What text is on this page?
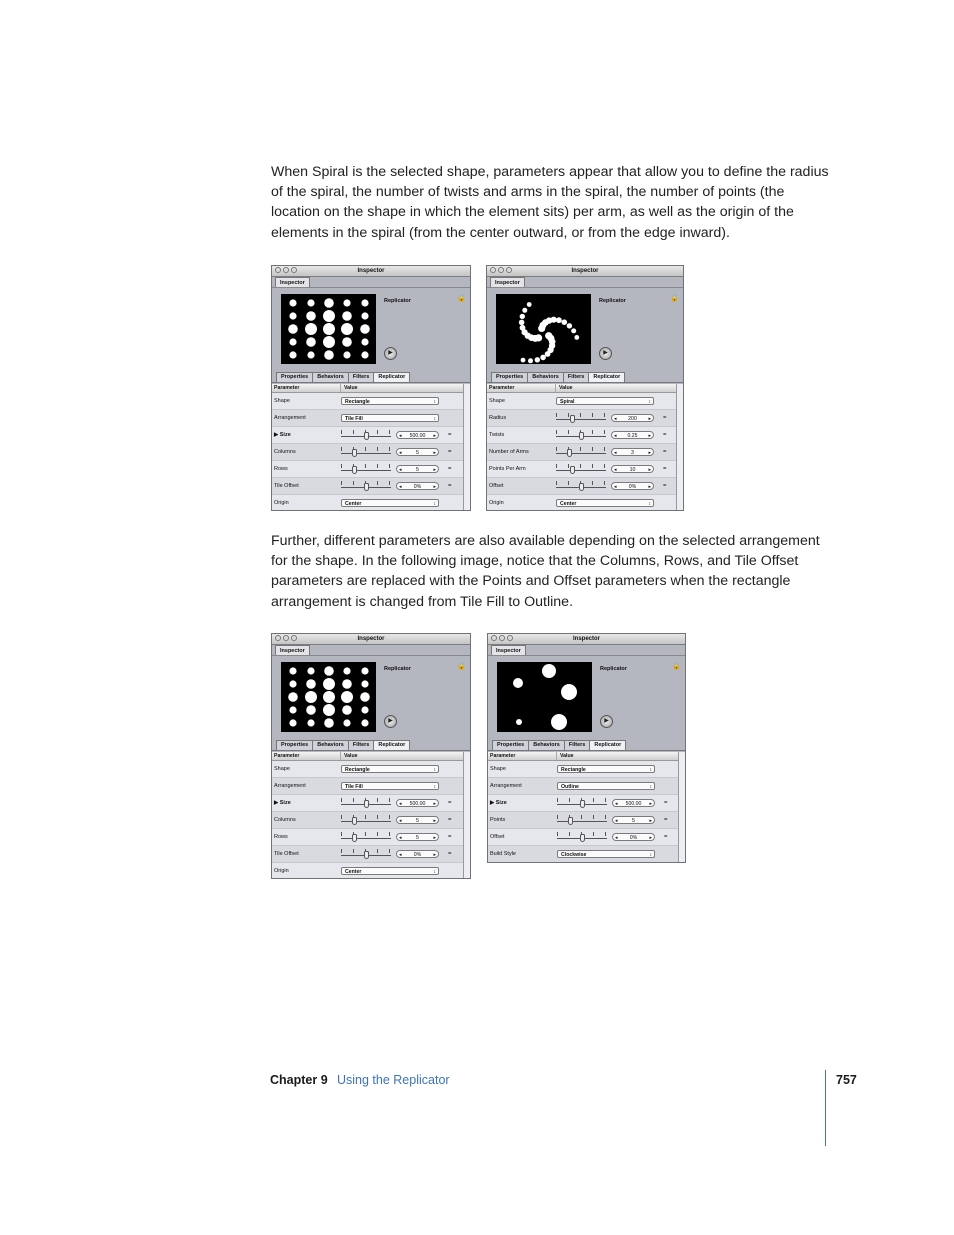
When Spiral is the selected shape, parameters appear that allow you to define the radius of the spiral, the number of twists and arms in the spiral, the number of points (the location on the shape in which the element sits) per arm, as well as the origin of the elements in the spiral (from the center outward, or from the edge inward).

Inspector
Inspector
Replicator	🔒
▶
Properties	Behaviors	Filters	Replicator
Parameter	Value
Shape	Rectangle ↕
Arrangement	Tile Fill ↕
▶ Size	◂ 500.00 ▸	=
Columns	◂ 5 ▸	=
Rows	◂ 5 ▸	=
Tile Offset	◂ 0% ▸	=
Origin	Center ↕
Inspector
Inspector
Replicator	🔒
▶
Properties	Behaviors	Filters	Replicator
Parameter	Value
Shape	Spiral ↕
Radius	◂ 200 ▸	=
Twists	◂ 0.25 ▸	=
Number of Arms	◂ 3 ▸	=
Points Per Arm	◂ 10 ▸	=
Offset	◂ 0% ▸	=
Origin	Center ↕

Further, different parameters are also available depending on the selected arrangement for the shape. In the following image, notice that the Columns, Rows, and Tile Offset parameters are replaced with the Points and Offset parameters when the rectangle arrangement is changed from Tile Fill to Outline.

Inspector
Inspector
Replicator	🔒
▶
Properties	Behaviors	Filters	Replicator
Parameter	Value
Shape	Rectangle ↕
Arrangement	Tile Fill ↕
▶ Size	◂ 500.00 ▸	=
Columns	◂ 5 ▸	=
Rows	◂ 5 ▸	=
Tile Offset	◂ 0% ▸	=
Origin	Center ↕
Inspector
Inspector
Replicator	🔒
▶
Properties	Behaviors	Filters	Replicator
Parameter	Value
Shape	Rectangle ↕
Arrangement	Outline ↕
▶ Size	◂ 500.00 ▸	=
Points	◂ 5 ▸	=
Offset	◂ 0% ▸	=
Build Style	Clockwise ↕
Chapter 9 Using the Replicator	757
